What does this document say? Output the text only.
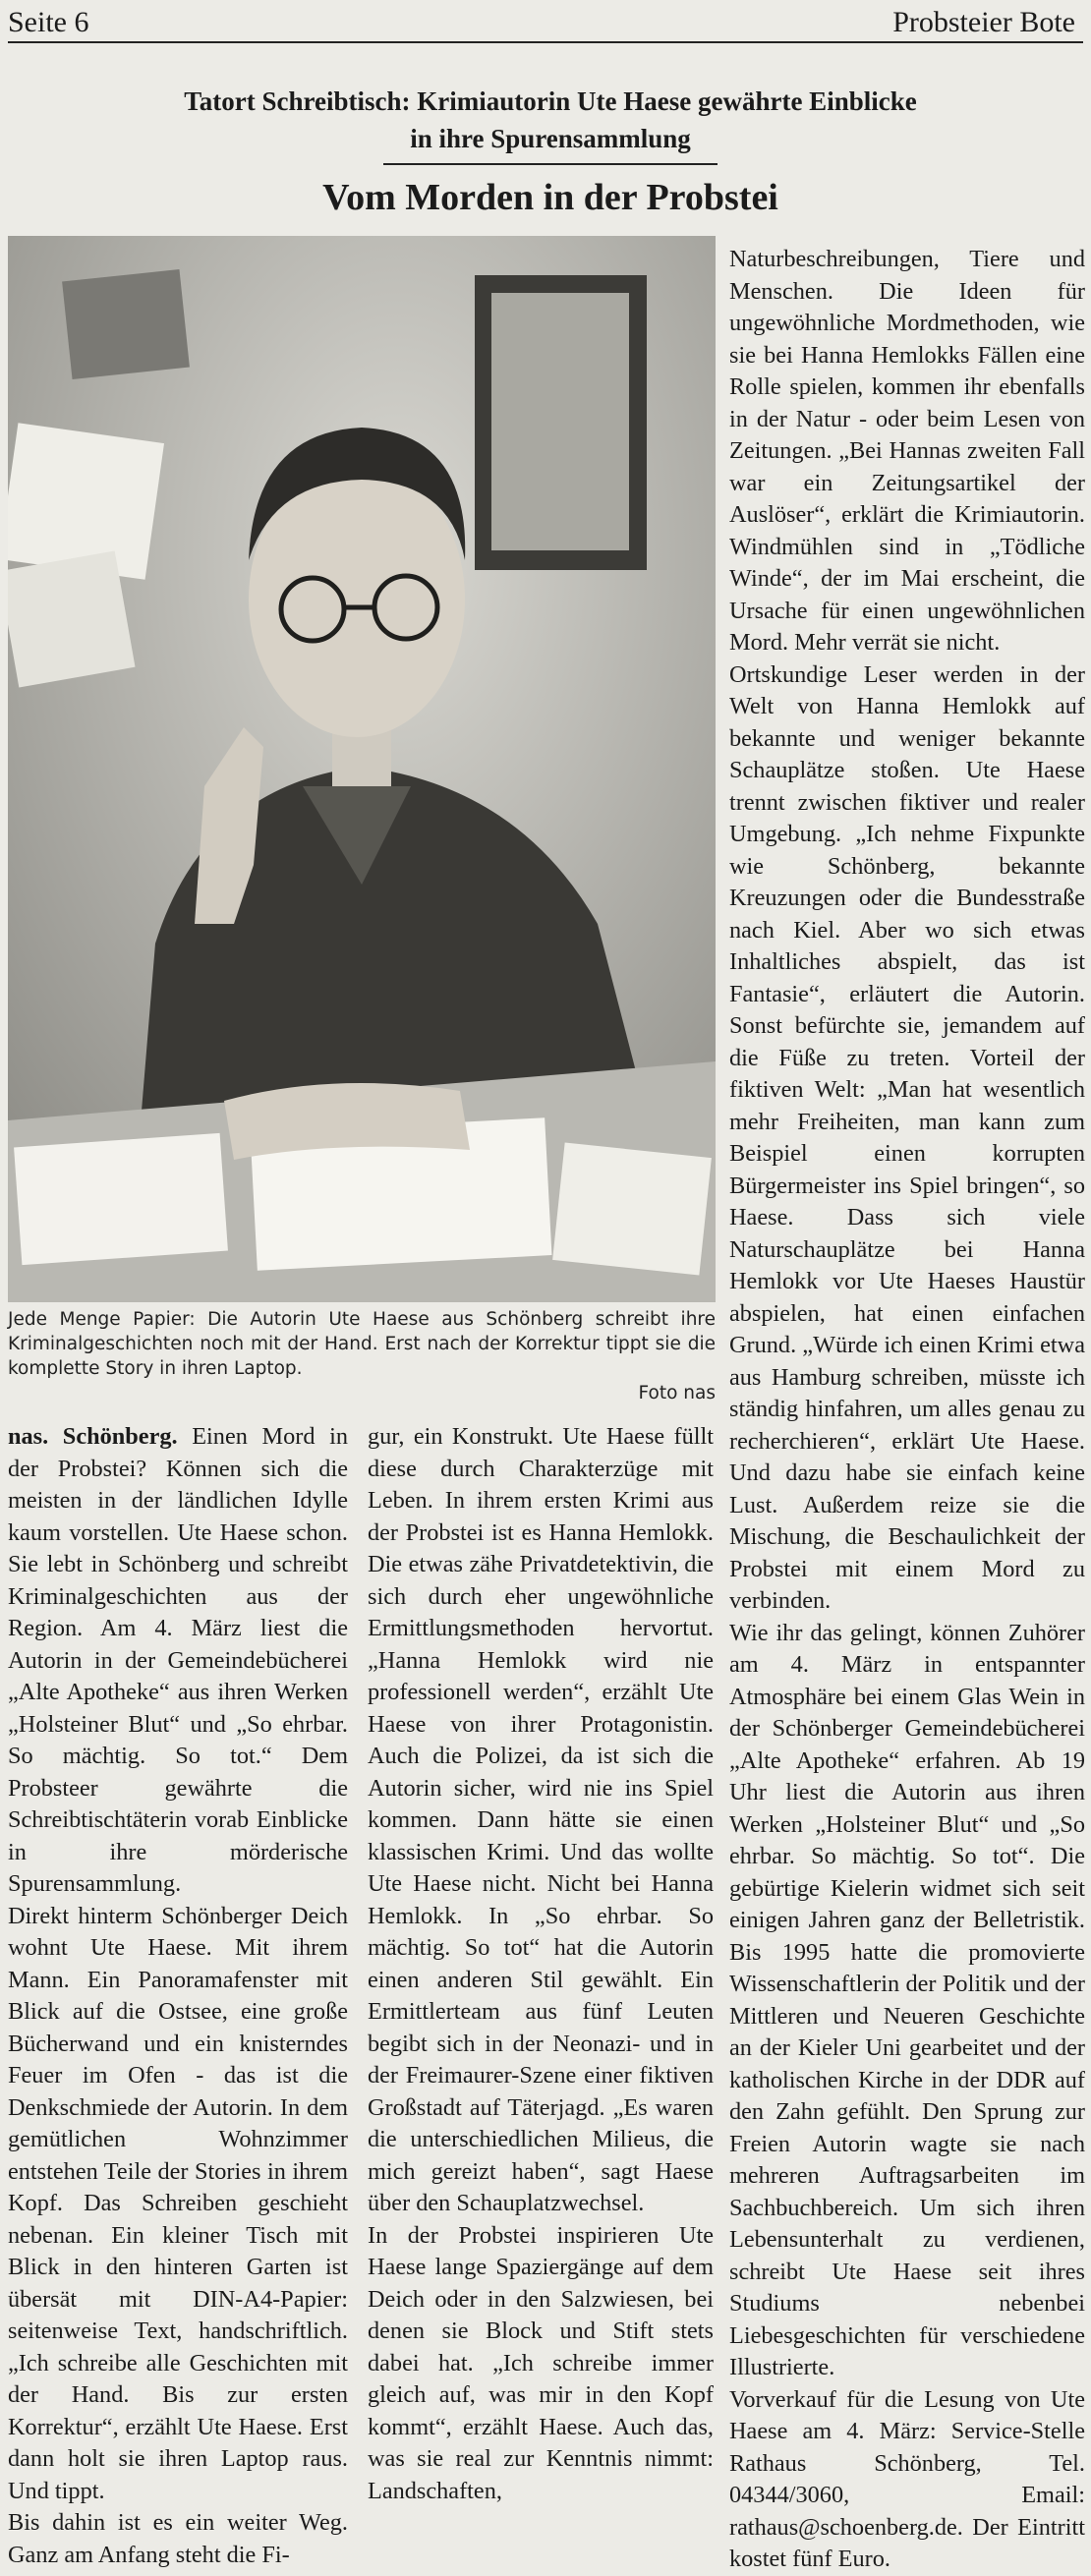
Seite 6	Probsteier Bote
Tatort Schreibtisch: Krimiautorin Ute Haese gewährte Einblicke
in ihre Spurensammlung
Vom Morden in der Probstei
Jede Menge Papier: Die Autorin Ute Haese aus Schönberg schreibt ihre Kriminalgeschichten noch mit der Hand. Erst nach der Korrektur tippt sie die komplette Story in ihren Laptop.
Foto nas

nas. Schönberg. Einen Mord in der Probstei? Können sich die meisten in der ländlichen Idylle kaum vorstellen. Ute Haese schon. Sie lebt in Schönberg und schreibt Kriminalgeschichten aus der Region. Am 4. März liest die Autorin in der Gemeindebücherei „Alte Apotheke“ aus ihren Werken „Holsteiner Blut“ und „So ehrbar. So mächtig. So tot.“ Dem Probsteer gewährte die Schreibtischtäterin vorab Einblicke in ihre mörderische Spurensammlung.

Direkt hinterm Schönberger Deich wohnt Ute Haese. Mit ihrem Mann. Ein Panoramafenster mit Blick auf die Ostsee, eine große Bücherwand und ein knisterndes Feuer im Ofen - das ist die Denkschmiede der Autorin. In dem gemütlichen Wohnzimmer entstehen Teile der Stories in ihrem Kopf. Das Schreiben geschieht nebenan. Ein kleiner Tisch mit Blick in den hinteren Garten ist übersät mit DIN-A4-Papier: seitenweise Text, handschriftlich. „Ich schreibe alle Geschichten mit der Hand. Bis zur ersten Korrektur“, erzählt Ute Haese. Erst dann holt sie ihren Laptop raus. Und tippt.

Bis dahin ist es ein weiter Weg. Ganz am Anfang steht die Fi-

gur, ein Konstrukt. Ute Haese füllt diese durch Charakterzüge mit Leben. In ihrem ersten Krimi aus der Probstei ist es Hanna Hemlokk. Die etwas zähe Privatdetektivin, die sich durch eher ungewöhnliche Ermittlungsmethoden hervortut. „Hanna Hemlokk wird nie professionell werden“, erzählt Ute Haese von ihrer Protagonistin. Auch die Polizei, da ist sich die Autorin sicher, wird nie ins Spiel kommen. Dann hätte sie einen klassischen Krimi. Und das wollte Ute Haese nicht. Nicht bei Hanna Hemlokk. In „So ehrbar. So mächtig. So tot“ hat die Autorin einen anderen Stil gewählt. Ein Ermittlerteam aus fünf Leuten begibt sich in der Neonazi- und in der Freimaurer-Szene einer fiktiven Großstadt auf Täterjagd. „Es waren die unterschiedlichen Milieus, die mich gereizt haben“, sagt Haese über den Schauplatzwechsel.

In der Probstei inspirieren Ute Haese lange Spaziergänge auf dem Deich oder in den Salzwiesen, bei denen sie Block und Stift stets dabei hat. „Ich schreibe immer gleich auf, was mir in den Kopf kommt“, erzählt Haese. Auch das, was sie real zur Kenntnis nimmt: Landschaften,

Naturbeschreibungen, Tiere und Menschen. Die Ideen für ungewöhnliche Mordmethoden, wie sie bei Hanna Hemlokks Fällen eine Rolle spielen, kommen ihr ebenfalls in der Natur - oder beim Lesen von Zeitungen. „Bei Hannas zweiten Fall war ein Zeitungsartikel der Auslöser“, erklärt die Krimiautorin. Windmühlen sind in „Tödliche Winde“, der im Mai erscheint, die Ursache für einen ungewöhnlichen Mord. Mehr verrät sie nicht.

Ortskundige Leser werden in der Welt von Hanna Hemlokk auf bekannte und weniger bekannte Schauplätze stoßen. Ute Haese trennt zwischen fiktiver und realer Umgebung. „Ich nehme Fixpunkte wie Schönberg, bekannte Kreuzungen oder die Bundesstraße nach Kiel. Aber wo sich etwas Inhaltliches abspielt, das ist Fantasie“, erläutert die Autorin. Sonst befürchte sie, jemandem auf die Füße zu treten. Vorteil der fiktiven Welt: „Man hat wesentlich mehr Freiheiten, man kann zum Beispiel einen korrupten Bürgermeister ins Spiel bringen“, so Haese. Dass sich viele Naturschauplätze bei Hanna Hemlokk vor Ute Haeses Haustür abspielen, hat einen einfachen Grund. „Würde ich einen Krimi etwa aus Hamburg schreiben, müsste ich ständig hinfahren, um alles genau zu recherchieren“, erklärt Ute Haese. Und dazu habe sie einfach keine Lust. Außerdem reize sie die Mischung, die Beschaulichkeit der Probstei mit einem Mord zu verbinden.

Wie ihr das gelingt, können Zuhörer am 4. März in entspannter Atmosphäre bei einem Glas Wein in der Schönberger Gemeindebücherei „Alte Apotheke“ erfahren. Ab 19 Uhr liest die Autorin aus ihren Werken „Holsteiner Blut“ und „So ehrbar. So mächtig. So tot“. Die gebürtige Kielerin widmet sich seit einigen Jahren ganz der Belletristik. Bis 1995 hatte die promovierte Wissenschaftlerin der Politik und der Mittleren und Neueren Geschichte an der Kieler Uni gearbeitet und der katholischen Kirche in der DDR auf den Zahn gefühlt. Den Sprung zur Freien Autorin wagte sie nach mehreren Auftragsarbeiten im Sachbuchbereich. Um sich ihren Lebensunterhalt zu verdienen, schreibt Ute Haese seit ihres Studiums nebenbei Liebesgeschichten für verschiedene Illustrierte.

Vorverkauf für die Lesung von Ute Haese am 4. März: Service-Stelle Rathaus Schönberg, Tel. 04344/3060, Email: rathaus@schoenberg.de. Der Eintritt kostet fünf Euro.
